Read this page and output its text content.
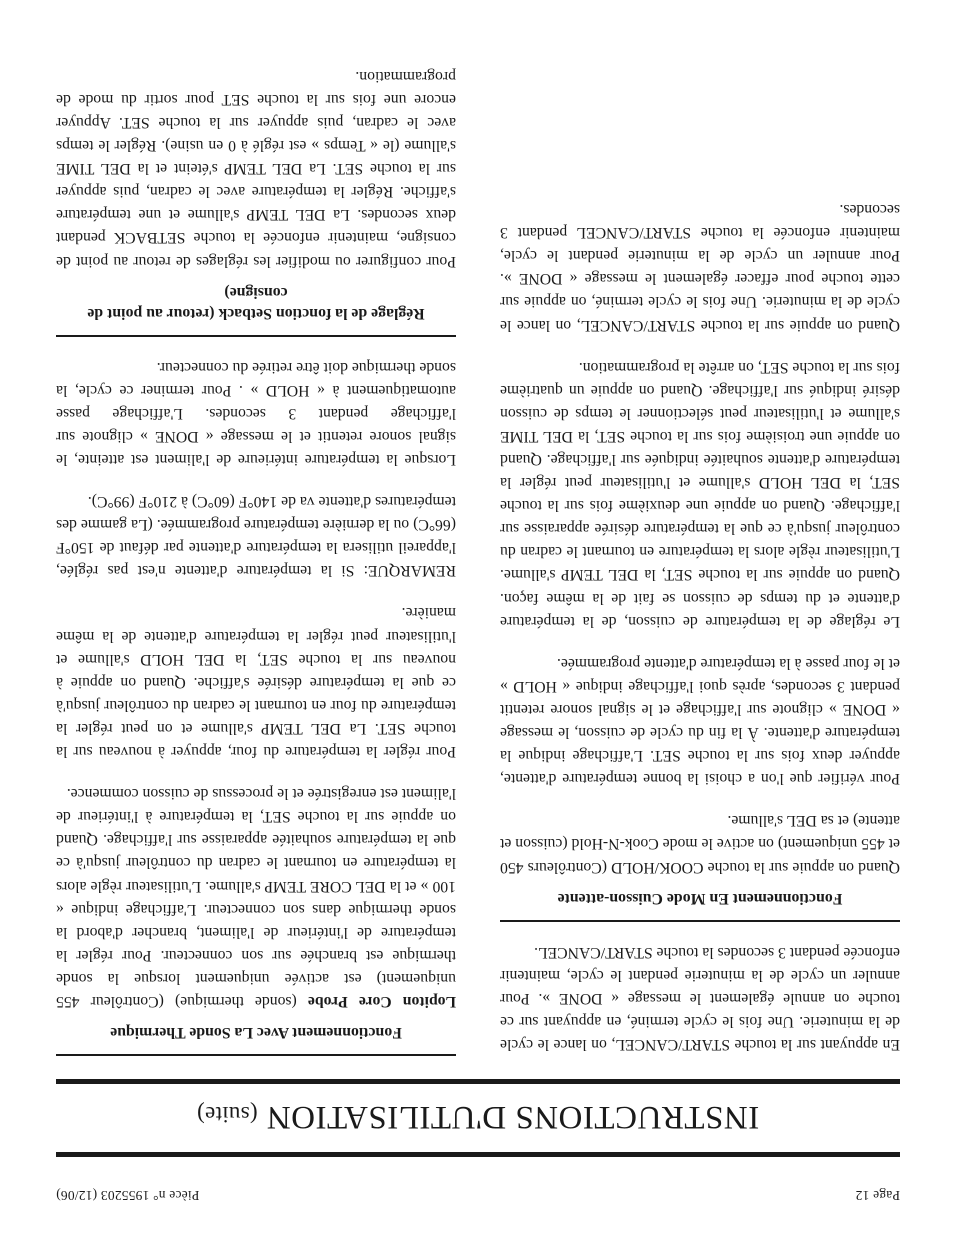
Page 12
Pièce n° 1955203 (12/06)
INSTRUCTIONS D'UTILISATION (suite)

En appuyant sur la touche START/CANCEL, on lance le cycle de la minuterie. Une fois le cycle terminé, en appuyant sur ce touche on annule également le message « DONE ». Pour annuler un cycle de la minuterie pendant le cycle, maintenir enfoncée pendant 3 secondes la touche START/CANCEL.

Fonctionnement En Mode Cuisson-attente

Quand on appuie sur la touche COOK/HOLD (Contrôleurs 450 et 455 uniquement) on active le mode Cook-N-Hold (cuisson et attente) et sa DEL s'allume.

Pour vérifier que l'on a choisi la bonne température d'attente, appuyer deux fois sur la touche SET. L'affichage indique la température d'attente. À la fin du cycle de cuisson, le message « DONE » clignote sur l'affichage et le signal sonore retentit pendant 3 secondes, après quoi l'affichage indique « HOLD » et le four passe à la température d'attente programmée.

Le réglage de la température de cuisson, de la température d'attente et du temps de cuisson se fait de la même façon. Quand on appuie sur la touche SET, la DEL TEMP s'allume. L'utilisateur règle alors la température en tournant le cadran du contrôleur jusqu'à ce que la température désirée apparaisse sur l'affichage. Quand on appuie une deuxième fois sur la touche SET, la DEL HOLD s'allume et l'utilisateur peut régler la température d'attente souhaitée indiquée sur l'affichage. Quand on appuie une troisième fois sur la touche SET, la DEL TIME s'allume et l'utilisateur peut sélectionner le temps de cuisson désiré indiqué sur l'affichage. Quand on appuie un quatrième fois sur la touche SET, on arrête la programmation.

Quand on appuie sur la touche START/CANCEL, on lance le cycle de la minuterie. Une fois le cycle terminé, on appuie sur cette touche pour effacer également le message « DONE ». Pour annuler un cycle de la minuterie pendant le cycle, maintenir enfoncée la touche START/CANCEL pendant 3 secondes.

Fonctionnement Avec La Sonde Thermique

Lopiton Core Probe (sonde thermique) (Contrôleur 455 uniquement) est activée uniquement lorsque la sonde thermique est branchée sur son connecteur. Pour régler la température de l'intérieur de l'aliment, brancher d'abord la sonde thermique dans son connecteur. L'affichage indique « 100 » et la DEL CORE TEMP s'allume. L'utilisateur règle alors la température en tournant le cadran du contrôleur jusqu'à ce que la température souhaitée apparaisse sur l'affichage. Quand on appuie sur la touche SET, la température à l'intérieur de l'aliment est enregistrée et le processus de cuisson commence.

Pour régler la température du four, appuyer à nouveau sur la touche SET. La DEL TEMP s'allume et on peut régler la température du four en tournant le cadran du contrôleur jusqu'à ce que la température désirée s'affiche. Quand on appuie à nouveau sur la touche SET, la DEL HOLD s'allume et l'utilisateur peut régler la température d'attente de la même manière.

REMARQUE: Si la température d'attente n'est pas réglée, l'appareil utilisera la température d'attente par défaut de 150°F (66°C) ou la dernière température programmée. (La gamme des températures d'attente va de 140°F (60°C) à 210°F (99°C).

Lorsque la température intérieure de l'aliment est atteinte, le signal sonore retentit et le message « DONE » clignote sur l'affichage pendant 3 secondes. L'affichage passe automatiquement à « HOLD » . Pour terminer ce cycle, la sonde thermique doit être retirée du connecteur.

Réglage de la fonction Setback (retour au point de consigne)

Pour configurer ou modifier les réglages de retour au point de consigne, maintenir enfoncée la touche SETBACK pendant deux secondes. La DEL TEMP s'allume et une température s'affiche. Régler la température avec le cadran, puis appuyer sur la touche SET. La DEL TEMP s'éteint et la DEL TIME s'allume (le « Temps » est réglé à 0 en usine). Régler le temps avec le cadran, puis appuyer sur la touche SET. Appuyer encore une fois sur la touche SET pour sortir du mode de programmation.
